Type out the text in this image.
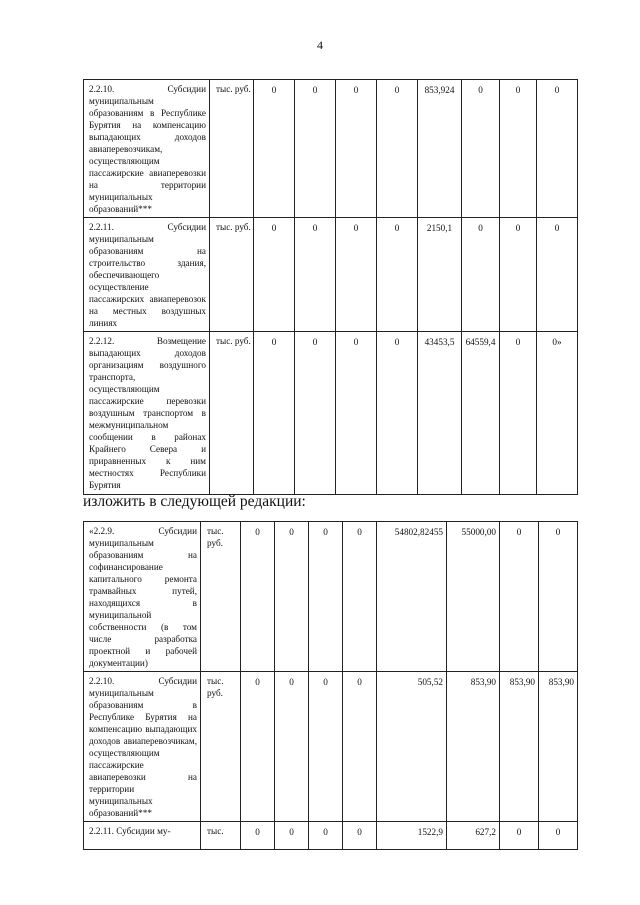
4
2.2.10. Субсидии муниципальным образованиям в Республике Бурятия на компенсацию выпадающих доходов авиаперевозчикам, осуществляющим пассажирские авиаперевозки на территории муниципальных образований***	тыс. руб.	0	0	0	0	853,924	0	0	0
2.2.11. Субсидии муниципальным образованиям на строительство здания, обеспечивающего осуществление пассажирских авиаперевозок на местных воздушных линиях	тыс. руб.	0	0	0	0	2150,1	0	0	0
2.2.12. Возмещение выпадающих доходов организациям воздушного транспорта, осуществляющим пассажирские перевозки воздушным транспортом в межмуниципальном сообщении в районах Крайнего Севера и приравненных к ним местностях Республики Бурятия	тыс. руб.	0	0	0	0	43453,5	64559,4	0	0»
изложить в следующей редакции:
«2.2.9. Субсидии муниципальным образованиям на софинансирование капитального ремонта трамвайных путей, находящихся в муниципальной собственности (в том числе разработка проектной и рабочей документации)	тыс. руб.	0	0	0	0	54802,82455	55000,00	0	0
2.2.10. Субсидии муниципальным образованиям в Республике Бурятия на компенсацию выпадающих доходов авиаперевозчикам, осуществляющим пассажирские авиаперевозки на территории муниципальных образований***	тыс. руб.	0	0	0	0	505,52	853,90	853,90	853,90
2.2.11. Субсидии му-	тыс.	0	0	0	0	1522,9	627,2	0	0
